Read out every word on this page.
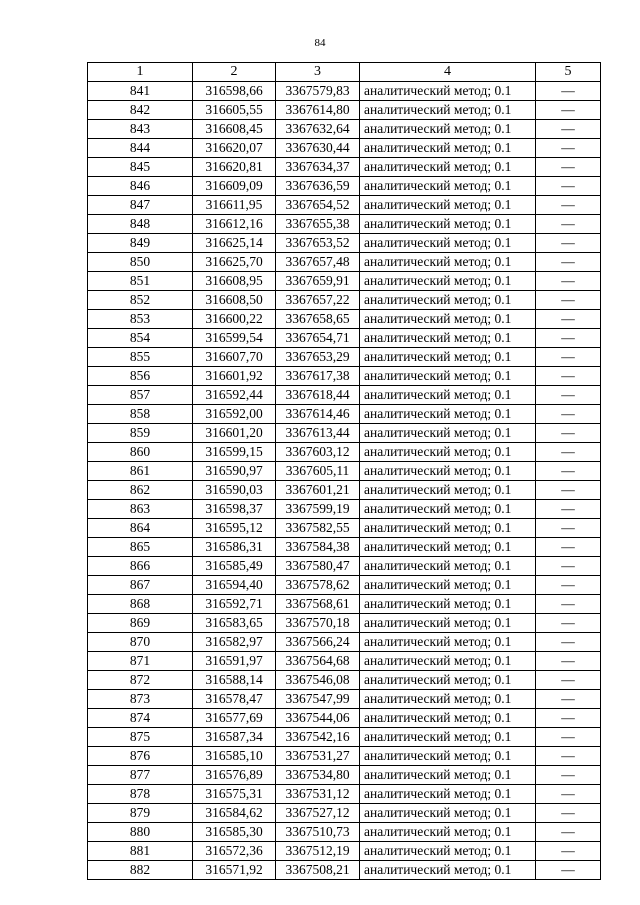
84
1	2	3	4	5
841	316598,66	3367579,83	аналитический метод; 0.1	—
842	316605,55	3367614,80	аналитический метод; 0.1	—
843	316608,45	3367632,64	аналитический метод; 0.1	—
844	316620,07	3367630,44	аналитический метод; 0.1	—
845	316620,81	3367634,37	аналитический метод; 0.1	—
846	316609,09	3367636,59	аналитический метод; 0.1	—
847	316611,95	3367654,52	аналитический метод; 0.1	—
848	316612,16	3367655,38	аналитический метод; 0.1	—
849	316625,14	3367653,52	аналитический метод; 0.1	—
850	316625,70	3367657,48	аналитический метод; 0.1	—
851	316608,95	3367659,91	аналитический метод; 0.1	—
852	316608,50	3367657,22	аналитический метод; 0.1	—
853	316600,22	3367658,65	аналитический метод; 0.1	—
854	316599,54	3367654,71	аналитический метод; 0.1	—
855	316607,70	3367653,29	аналитический метод; 0.1	—
856	316601,92	3367617,38	аналитический метод; 0.1	—
857	316592,44	3367618,44	аналитический метод; 0.1	—
858	316592,00	3367614,46	аналитический метод; 0.1	—
859	316601,20	3367613,44	аналитический метод; 0.1	—
860	316599,15	3367603,12	аналитический метод; 0.1	—
861	316590,97	3367605,11	аналитический метод; 0.1	—
862	316590,03	3367601,21	аналитический метод; 0.1	—
863	316598,37	3367599,19	аналитический метод; 0.1	—
864	316595,12	3367582,55	аналитический метод; 0.1	—
865	316586,31	3367584,38	аналитический метод; 0.1	—
866	316585,49	3367580,47	аналитический метод; 0.1	—
867	316594,40	3367578,62	аналитический метод; 0.1	—
868	316592,71	3367568,61	аналитический метод; 0.1	—
869	316583,65	3367570,18	аналитический метод; 0.1	—
870	316582,97	3367566,24	аналитический метод; 0.1	—
871	316591,97	3367564,68	аналитический метод; 0.1	—
872	316588,14	3367546,08	аналитический метод; 0.1	—
873	316578,47	3367547,99	аналитический метод; 0.1	—
874	316577,69	3367544,06	аналитический метод; 0.1	—
875	316587,34	3367542,16	аналитический метод; 0.1	—
876	316585,10	3367531,27	аналитический метод; 0.1	—
877	316576,89	3367534,80	аналитический метод; 0.1	—
878	316575,31	3367531,12	аналитический метод; 0.1	—
879	316584,62	3367527,12	аналитический метод; 0.1	—
880	316585,30	3367510,73	аналитический метод; 0.1	—
881	316572,36	3367512,19	аналитический метод; 0.1	—
882	316571,92	3367508,21	аналитический метод; 0.1	—
